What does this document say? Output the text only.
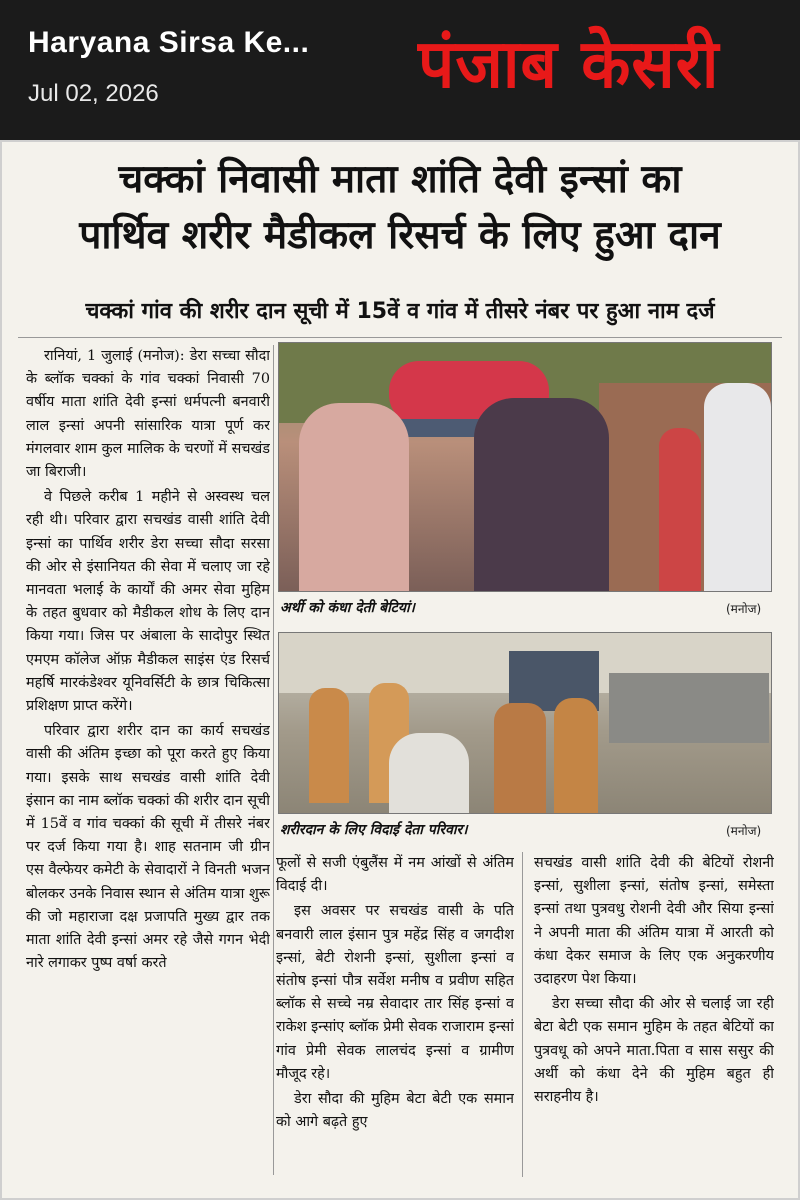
Haryana Sirsa Ke...
Jul 02, 2026	पंजाब केसरी
चक्कां निवासी माता शांति देवी इन्सां का
पार्थिव शरीर मैडीकल रिसर्च के लिए हुआ दान
चक्कां गांव की शरीर दान सूची में 15वें व गांव में तीसरे नंबर पर हुआ नाम दर्ज

रानियां, 1 जुलाई (मनोज): डेरा सच्चा सौदा के ब्लॉक चक्कां के गांव चक्कां निवासी 70 वर्षीय माता शांति देवी इन्सां धर्मपत्नी बनवारी लाल इन्सां अपनी सांसारिक यात्रा पूर्ण कर मंगलवार शाम कुल मालिक के चरणों में सचखंड जा बिराजी।

वे पिछले करीब 1 महीने से अस्वस्थ चल रही थी। परिवार द्वारा सचखंड वासी शांति देवी इन्सां का पार्थिव शरीर डेरा सच्चा सौदा सरसा की ओर से इंसानियत की सेवा में चलाए जा रहे मानवता भलाई के कार्यों की अमर सेवा मुहिम के तहत बुधवार को मैडीकल शोध के लिए दान किया गया। जिस पर अंबाला के सादोपुर स्थित एमएम कॉलेज ऑफ़ मैडीकल साइंस एंड रिसर्च महर्षि मारकंडेश्वर यूनिवर्सिटी के छात्र चिकित्सा प्रशिक्षण प्राप्त करेंगे।

परिवार द्वारा शरीर दान का कार्य सचखंड वासी की अंतिम इच्छा को पूरा करते हुए किया गया। इसके साथ सचखंड वासी शांति देवी इंसान का नाम ब्लॉक चक्कां की शरीर दान सूची में 15वें व गांव चक्कां की सूची में तीसरे नंबर पर दर्ज किया गया है। शाह सतनाम जी ग्रीन एस वैल्फेयर कमेटी के सेवादारों ने विनती भजन बोलकर उनके निवास स्थान से अंतिम यात्रा शुरू की जो महाराजा दक्ष प्रजापति मुख्य द्वार तक माता शांति देवी इन्सां अमर रहे जैसे गगन भेदी नारे लगाकर पुष्प वर्षा करते

अर्थी को कंधा देती बेटियां।	(मनोज)
शरीरदान के लिए विदाई देता परिवार।	(मनोज)

फूलों से सजी एंबुलैंस में नम आंखों से अंतिम विदाई दी।

इस अवसर पर सचखंड वासी के पति बनवारी लाल इंसान पुत्र महेंद्र सिंह व जगदीश इन्सां, बेटी रोशनी इन्सां, सुशीला इन्सां व संतोष इन्सां पौत्र सर्वेश मनीष व प्रवीण सहित ब्लॉक से सच्चे नम्र सेवादार तार सिंह इन्सां व राकेश इन्सांए ब्लॉक प्रेमी सेवक राजाराम इन्सां गांव प्रेमी सेवक लालचंद इन्सां व ग्रामीण मौजूद रहे।

डेरा सौदा की मुहिम बेटा बेटी एक समान को आगे बढ़ते हुए

सचखंड वासी शांति देवी की बेटियों रोशनी इन्सां, सुशीला इन्सां, संतोष इन्सां, समेस्ता इन्सां तथा पुत्रवधु रोशनी देवी और सिया इन्सां ने अपनी माता की अंतिम यात्रा में आरती को कंधा देकर समाज के लिए एक अनुकरणीय उदाहरण पेश किया।

डेरा सच्चा सौदा की ओर से चलाई जा रही बेटा बेटी एक समान मुहिम के तहत बेटियों का पुत्रवधू को अपने माता.पिता व सास ससुर की अर्थी को कंधा देने की मुहिम बहुत ही सराहनीय है।
